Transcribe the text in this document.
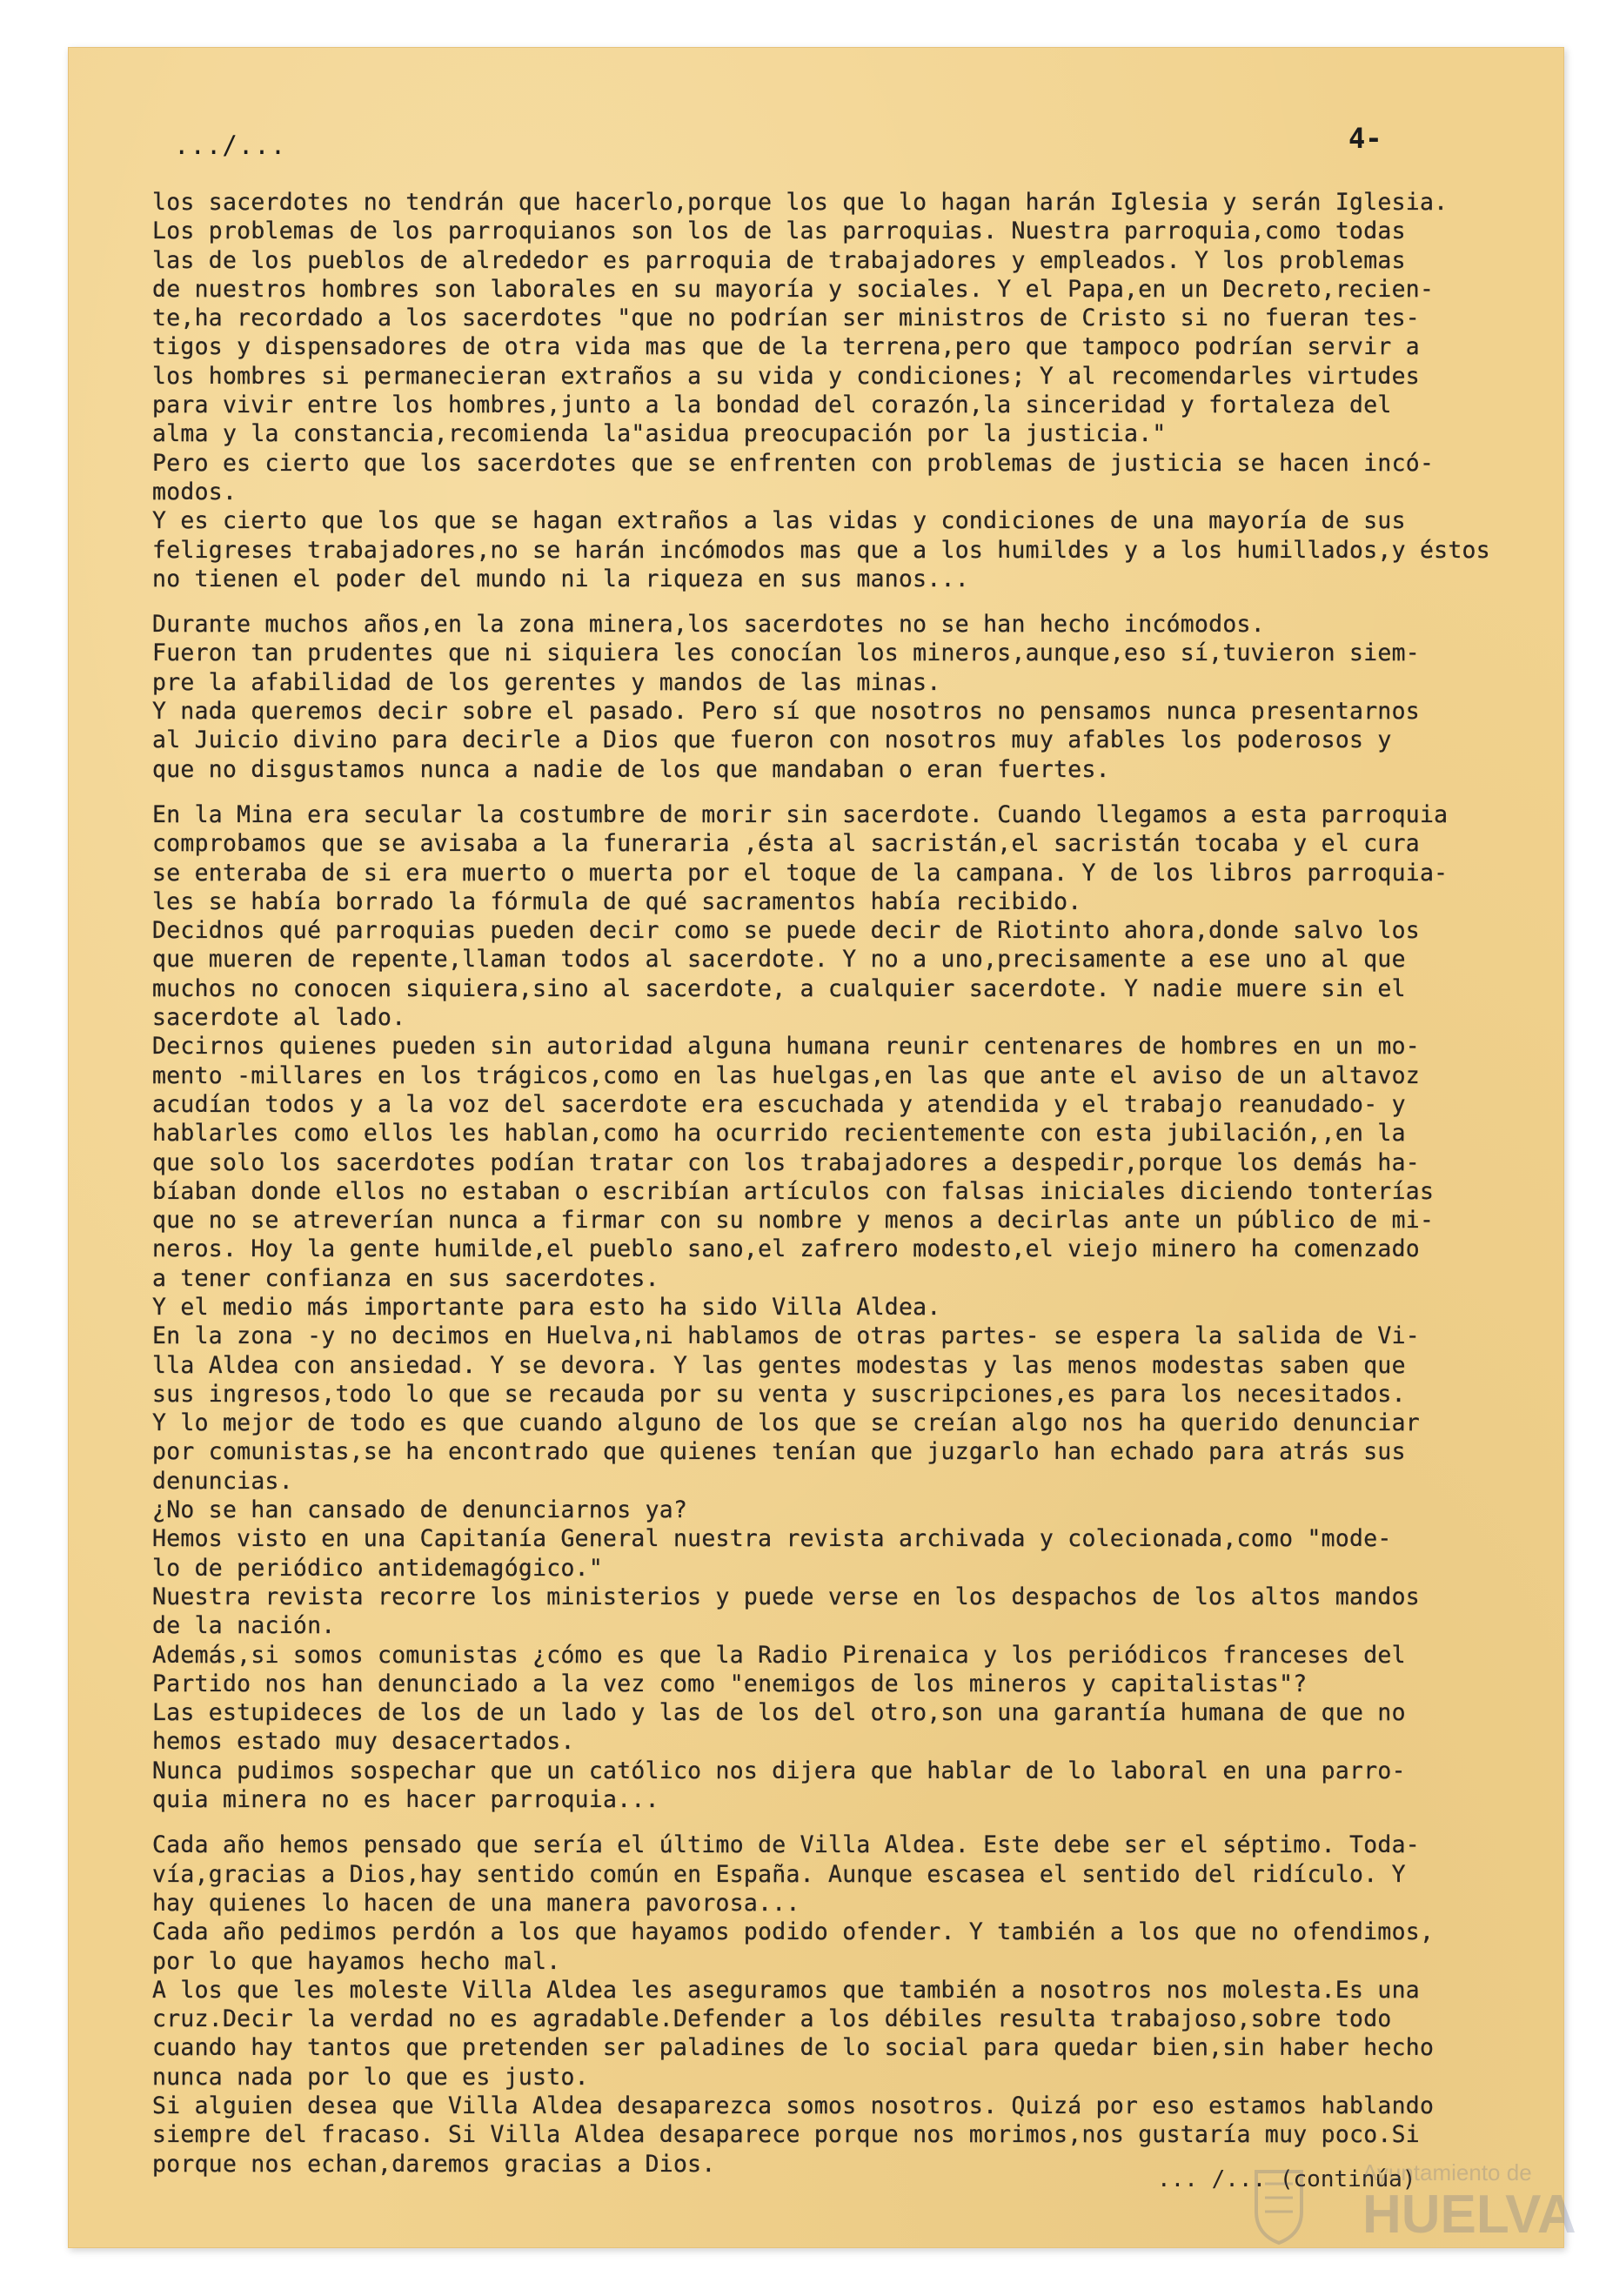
.../...	4-
los sacerdotes no tendrán que hacerlo,porque los que lo hagan harán Iglesia y serán Iglesia.
Los problemas de los parroquianos son los de las parroquias. Nuestra parroquia,como todas
las de los pueblos de alrededor es parroquia de trabajadores y empleados. Y los problemas
de nuestros hombres son laborales en su mayoría y sociales. Y el Papa,en un Decreto,recien-
te,ha recordado a los sacerdotes "que no podrían ser ministros de Cristo si no fueran tes-
tigos y dispensadores de otra vida mas que de la terrena,pero que tampoco podrían servir a
los hombres si permanecieran extraños a su vida y condiciones; Y al recomendarles virtudes
para vivir entre los hombres,junto a la bondad del corazón,la sinceridad y fortaleza del
alma y la constancia,recomienda la"asidua preocupación por la justicia."
Pero es cierto que los sacerdotes que se enfrenten con problemas de justicia se hacen incó-
modos.
Y es cierto que los que se hagan extraños a las vidas y condiciones de una mayoría de sus
feligreses trabajadores,no se harán incómodos mas que a los humildes y a los humillados,y éstos
no tienen el poder del mundo ni la riqueza en sus manos...
Durante muchos años,en la zona minera,los sacerdotes no se han hecho incómodos.
Fueron tan prudentes que ni siquiera les conocían los mineros,aunque,eso sí,tuvieron siem-
pre la afabilidad de los gerentes y mandos de las minas.
Y nada queremos decir sobre el pasado. Pero sí que nosotros no pensamos nunca presentarnos
al Juicio divino para decirle a Dios que fueron con nosotros muy afables los poderosos y
que no disgustamos nunca a nadie de los que mandaban o eran fuertes.
En la Mina era secular la costumbre de morir sin sacerdote. Cuando llegamos a esta parroquia
comprobamos que se avisaba a la funeraria ,ésta al sacristán,el sacristán tocaba y el cura
se enteraba de si era muerto o muerta por el toque de la campana. Y de los libros parroquia-
les se había borrado la fórmula de qué sacramentos había recibido.
Decidnos qué parroquias pueden decir como se puede decir de Riotinto ahora,donde salvo los
que mueren de repente,llaman todos al sacerdote. Y no a uno,precisamente a ese uno al que
muchos no conocen siquiera,sino al sacerdote, a cualquier sacerdote. Y nadie muere sin el
sacerdote al lado.
Decirnos quienes pueden sin autoridad alguna humana reunir centenares de hombres en un mo-
mento -millares en los trágicos,como en las huelgas,en las que ante el aviso de un altavoz
acudían todos y a la voz del sacerdote era escuchada y atendida y el trabajo reanudado- y
hablarles como ellos les hablan,como ha ocurrido recientemente con esta jubilación,,en la
que solo los sacerdotes podían tratar con los trabajadores a despedir,porque los demás ha-
bíaban donde ellos no estaban o escribían artículos con falsas iniciales diciendo tonterías
que no se atreverían nunca a firmar con su nombre y menos a decirlas ante un público de mi-
neros. Hoy la gente humilde,el pueblo sano,el zafrero modesto,el viejo minero ha comenzado
a tener confianza en sus sacerdotes.
Y el medio más importante para esto ha sido Villa Aldea.
En la zona -y no decimos en Huelva,ni hablamos de otras partes- se espera la salida de Vi-
lla Aldea con ansiedad. Y se devora. Y las gentes modestas y las menos modestas saben que
sus ingresos,todo lo que se recauda por su venta y suscripciones,es para los necesitados.
Y lo mejor de todo es que cuando alguno de los que se creían algo nos ha querido denunciar
por comunistas,se ha encontrado que quienes tenían que juzgarlo han echado para atrás sus
denuncias.
¿No se han cansado de denunciarnos ya?
Hemos visto en una Capitanía General nuestra revista archivada y colecionada,como "mode-
lo de periódico antidemagógico."
Nuestra revista recorre los ministerios y puede verse en los despachos de los altos mandos
de la nación.
Además,si somos comunistas ¿cómo es que la Radio Pirenaica y los periódicos franceses del
Partido nos han denunciado a la vez como "enemigos de los mineros y capitalistas"?
Las estupideces de los de un lado y las de los del otro,son una garantía humana de que no
hemos estado muy desacertados.
Nunca pudimos sospechar que un católico nos dijera que hablar de lo laboral en una parro-
quia minera no es hacer parroquia...
Cada año hemos pensado que sería el último de Villa Aldea. Este debe ser el séptimo. Toda-
vía,gracias a Dios,hay sentido común en España. Aunque escasea el sentido del ridículo. Y
hay quienes lo hacen de una manera pavorosa...
Cada año pedimos perdón a los que hayamos podido ofender. Y también a los que no ofendimos,
por lo que hayamos hecho mal.
A los que les moleste Villa Aldea les aseguramos que también a nosotros nos molesta.Es una
cruz.Decir la verdad no es agradable.Defender a los débiles resulta trabajoso,sobre todo
cuando hay tantos que pretenden ser paladines de lo social para quedar bien,sin haber hecho
nunca nada por lo que es justo.
Si alguien desea que Villa Aldea desaparezca somos nosotros. Quizá por eso estamos hablando
siempre del fracaso. Si Villa Aldea desaparece porque nos morimos,nos gustaría muy poco.Si
porque nos echan,daremos gracias a Dios.
... /... (continúa)
Ayuntamiento de
HUELVA
